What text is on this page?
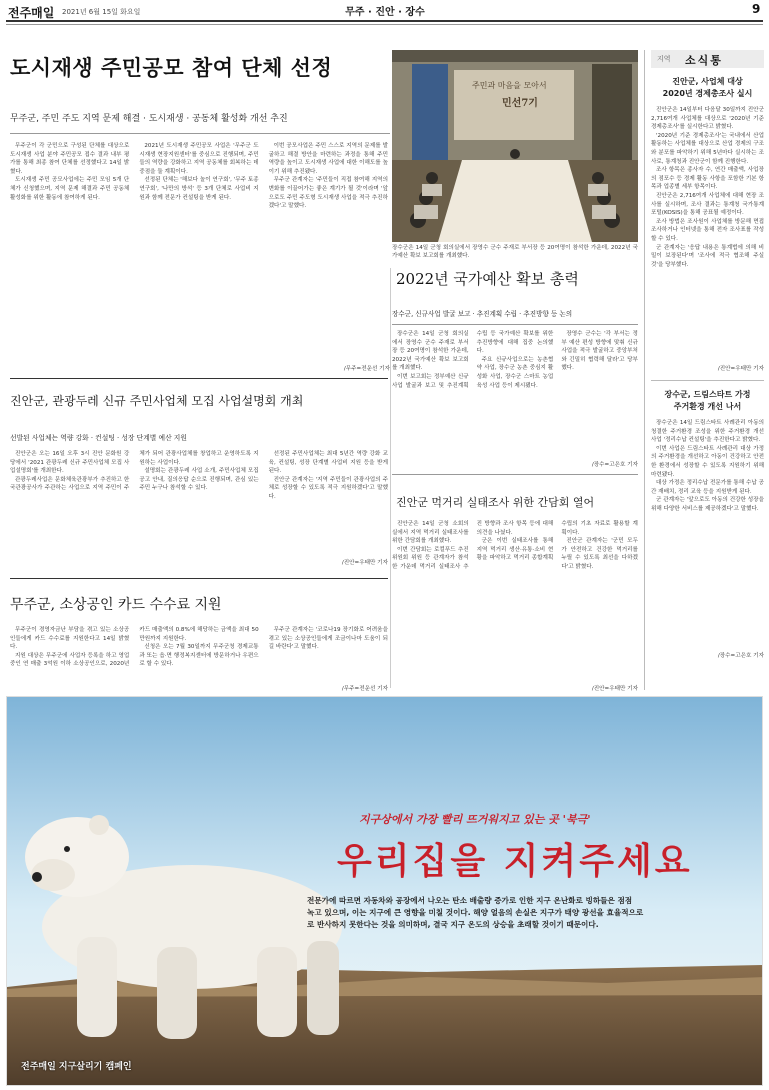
전주매일 2021년 6월 15일 화요일	무주 · 진안 · 장수	9
지역 소식통
진안군, 사업체 대상
2020년 경제총조사 실시

진안군은 14일부터 다음달 30일까지 진안군 2,716여개 사업체를 대상으로 '2020년 기준 경제총조사'를 실시한다고 밝혔다.

'2020년 기준 경제총조사'는 국내에서 산업활동하는 사업체를 대상으로 산업 경제의 구조와 분포를 파악하기 위해 5년마다 실시하는 조사로, 통계청과 진안군이 함께 진행한다.

조사 항목은 종사자 수, 연간 매출액, 사업장의 점포수 등 경제 활동 사항을 포함한 기본 항목과 업종별 세부 항목이다.

진안군은 2,716여개 사업체에 대해 현장 조사를 실시하며, 조사 결과는 통계청 국가통계포털(KOSIS)을 통해 공표될 예정이다.

조사 방법은 조사원이 사업체를 방문해 면접 조사하거나 인터넷을 통해 전자 조사표를 작성할 수 있다.

군 관계자는 '응답 내용은 통계법에 의해 비밀이 보장된다'며 '조사에 적극 협조해 주실 것'을 당부했다.

/진안=우태만 기자
장수군, 드림스타트 가정
주거환경 개선 나서

장수군은 14일 드림스타트 사례관리 아동의 청결한 주거환경 조성을 위한 주거환경 개선 사업 '정리수납 컨설팅'을 추진한다고 밝혔다.

이번 사업은 드림스타트 사례관리 대상 가정의 주거환경을 개선하고 아동이 건강하고 안전한 환경에서 성장할 수 있도록 지원하기 위해 마련됐다.

대상 가정은 정리수납 전문가를 통해 수납 공간 재배치, 정리 교육 등을 지원받게 된다.

군 관계자는 '앞으로도 아동의 건강한 성장을 위해 다양한 서비스를 제공하겠다'고 말했다.

/장수=고은호 기자
도시재생 주민공모 참여 단체 선정
무주군, 주민 주도 지역 문제 해결 · 도시재생 · 공동체 활성화 개선 추진

무주군이 각 군민으로 구성된 단체를 대상으로 도시재생 사업 분야 주민공모 접수 결과 내부 평가를 통해 최종 참여 단체를 선정했다고 14일 밝혔다.

도시재생 주민 공모사업에는 주민 모임 5개 단체가 신청했으며, 지역 문제 해결과 주민 공동체 활성화를 위한 활동에 참여하게 된다.

2021년 도시재생 주민공모 사업은 '무주군 도시재생 현장지원센터'를 중심으로 진행되며, 주민들의 역량을 강화하고 지역 공동체를 회복하는 데 중점을 둘 계획이다.

선정된 단체는 '해보다 놀이 연구회', '무주 토종 연구회', '나만의 방석' 등 3개 단체로 사업비 지원과 함께 전문가 컨설팅을 받게 된다.

이번 공모사업은 주민 스스로 지역의 문제를 발굴하고 해결 방안을 마련하는 과정을 통해 주민 역량을 높이고 도시재생 사업에 대한 이해도를 높이기 위해 추진됐다.

무주군 관계자는 '주민들이 직접 참여해 지역의 변화를 이끌어가는 좋은 계기가 될 것'이라며 '앞으로도 주민 주도형 도시재생 사업을 적극 추진하겠다'고 말했다.

/무주=전운선 기자
주민과 마음을 모아서
민선7기
장수군은 14일 군청 회의실에서 장영수 군수 주재로 부서장 등 20여명이 참석한 가운데, 2022년 국가예산 확보 보고회를 개최했다.
2022년 국가예산 확보 총력
장수군, 신규사업 발굴 보고 · 추진계획 수립 · 추진방향 등 논의

장수군은 14일 군청 회의실에서 장영수 군수 주재로 부서장 등 20여명이 참석한 가운데, 2022년 국가예산 확보 보고회를 개최했다.

이번 보고회는 정부예산 신규사업 발굴과 보고 및 추진계획 수립 등 국가예산 확보를 위한 추진방향에 대해 집중 논의했다.

주요 신규사업으로는 농촌협약 사업, 장수군 농촌 중심지 활성화 사업, 장수군 스마트 농업 육성 사업 등이 제시됐다.

장영수 군수는 '각 부서는 정부 예산 편성 방향에 맞춰 신규 사업을 적극 발굴하고 중앙부처와 긴밀히 협력해 달라'고 당부했다.

/장수=고은호 기자
진안군, 관광두레 신규 주민사업체 모집 사업설명회 개최
선발된 사업체는 역량 강화 · 컨설팅 · 성장 단계별 예산 지원

진안군은 오는 16일 오후 3시 진안 문화원 강당에서 '2021 관광두레 신규 주민사업체 모집 사업설명회'를 개최한다.

관광두레사업은 문화체육관광부가 추진하고 한국관광공사가 주관하는 사업으로 지역 주민이 주체가 되어 관광사업체를 창업하고 운영하도록 지원하는 사업이다.

설명회는 관광두레 사업 소개, 주민사업체 모집 공고 안내, 질의응답 순으로 진행되며, 관심 있는 주민 누구나 참석할 수 있다.

선정된 주민사업체는 최대 5년간 역량 강화 교육, 컨설팅, 성장 단계별 사업비 지원 등을 받게 된다.

진안군 관계자는 '지역 주민들이 관광사업의 주체로 성장할 수 있도록 적극 지원하겠다'고 말했다.

/진안=우태만 기자
진안군 먹거리 실태조사 위한 간담회 열어

진안군은 14일 군청 소회의실에서 지역 먹거리 실태조사를 위한 간담회를 개최했다.

이번 간담회는 로컬푸드 추진위원회 위원 등 관계자가 참석한 가운데 먹거리 실태조사 추진 방향과 조사 항목 등에 대해 의견을 나눴다.

군은 이번 실태조사를 통해 지역 먹거리 생산·유통·소비 현황을 파악하고 먹거리 종합계획 수립의 기초 자료로 활용할 계획이다.

진안군 관계자는 '군민 모두가 안전하고 건강한 먹거리를 누릴 수 있도록 최선을 다하겠다'고 밝혔다.

/진안=우태만 기자
무주군, 소상공인 카드 수수료 지원

무주군이 경영자금난 부담을 겪고 있는 소상공인들에게 카드 수수료를 지원한다고 14일 밝혔다.

지원 대상은 무주군에 사업자 등록을 하고 영업 중인 연 매출 3억원 이하 소상공인으로, 2020년 카드 매출액의 0.8%에 해당하는 금액을 최대 50만원까지 지원한다.

신청은 오는 7월 30일까지 무주군청 경제교통과 또는 읍·면 행정복지센터에 방문하거나 우편으로 할 수 있다.

무주군 관계자는 '코로나19 장기화로 어려움을 겪고 있는 소상공인들에게 조금이나마 도움이 되길 바란다'고 말했다.

/무주=전운선 기자
지구상에서 가장 빨리 뜨거워지고 있는 곳 '북극'
우리집을 지켜주세요
전문가에 따르면 자동차와 공장에서 나오는 탄소 배출량 증가로 인한 지구 온난화로 빙하들은 점점
녹고 있으며, 이는 지구에 큰 영향을 미칠 것이다. 해양 얼음의 손실은 지구가 태양 광선을 효율적으로
로 반사하지 못한다는 것을 의미하며, 결국 지구 온도의 상승을 초래할 것이기 때문이다.
전주매일 지구살리기 캠페인
